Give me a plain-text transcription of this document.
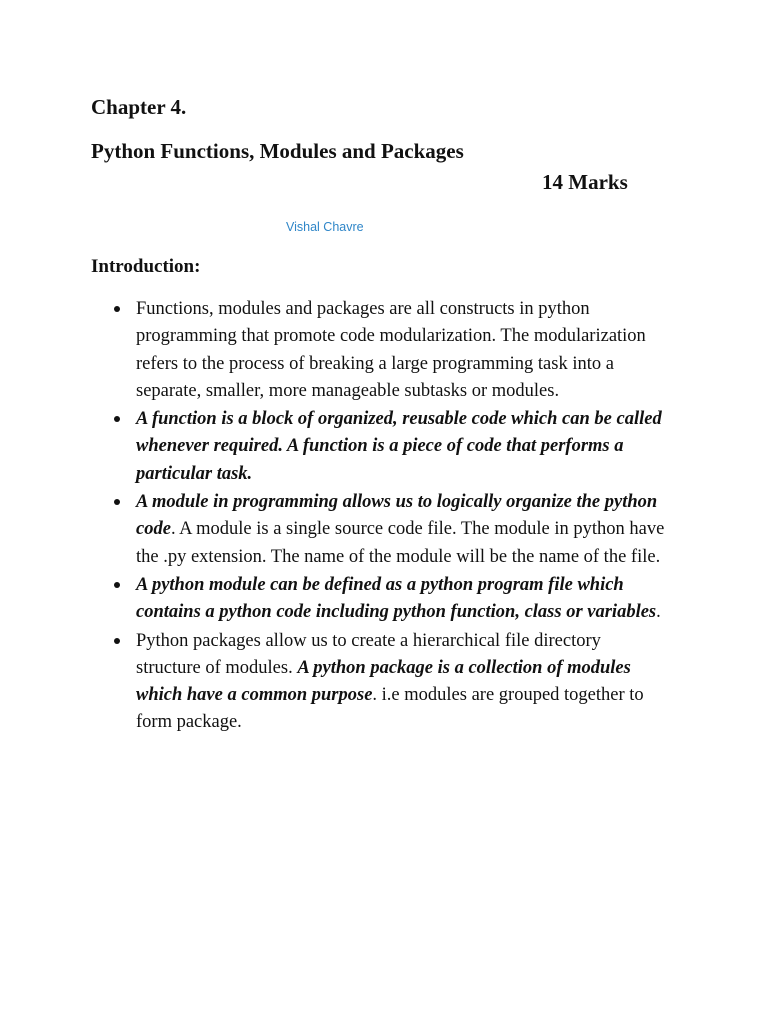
Chapter 4.
Python Functions, Modules and Packages
14 Marks
Vishal Chavre
Introduction:
Functions, modules and packages are all constructs in python programming that promote code modularization. The modularization refers to the process of breaking a large programming task into a separate, smaller, more manageable subtasks or modules.
A function is a block of organized, reusable code which can be called whenever required. A function is a piece of code that performs a particular task.
A module in programming allows us to logically organize the python code. A module is a single source code file. The module in python have the .py extension. The name of the module will be the name of the file.
A python module can be defined as a python program file which contains a python code including python function, class or variables.
Python packages allow us to create a hierarchical file directory structure of modules. A python package is a collection of modules which have a common purpose. i.e modules are grouped together to form package.
